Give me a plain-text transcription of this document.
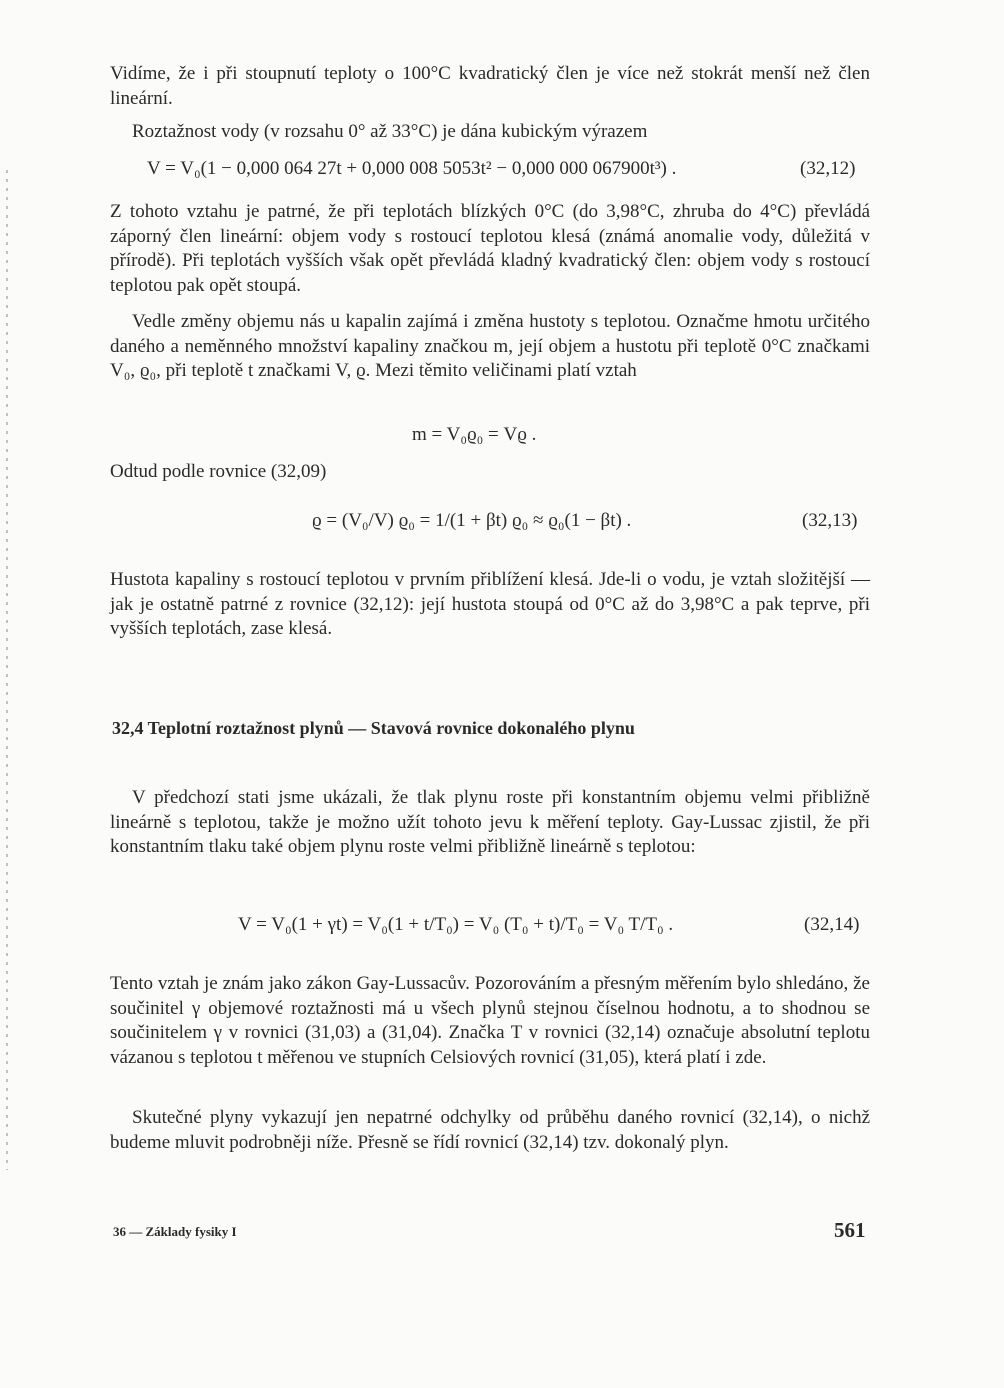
Vidíme, že i při stoupnutí teploty o 100°C kvadratický člen je více než stokrát menší než člen lineární.

Roztažnost vody (v rozsahu 0° až 33°C) je dána kubickým výrazem

V = V₀(1 − 0,000 064 27t + 0,000 008 5053t² − 0,000 000 067900t³) .	(32,12)

Z tohoto vztahu je patrné, že při teplotách blízkých 0°C (do 3,98°C, zhruba do 4°C) převládá záporný člen lineární: objem vody s rostoucí teplotou klesá (známá anomalie vody, důležitá v přírodě). Při teplotách vyšších však opět převládá kladný kvadratický člen: objem vody s rostoucí teplotou pak opět stoupá.

Vedle změny objemu nás u kapalin zajímá i změna hustoty s teplotou. Označme hmotu určitého daného a neměnného množství kapaliny značkou m, její objem a hustotu při teplotě 0°C značkami V₀, ϱ₀, při teplotě t značkami V, ϱ. Mezi těmito veličinami platí vztah

m = V₀ϱ₀ = Vϱ .

Odtud podle rovnice (32,09)

ϱ = (V₀/V) ϱ₀ = 1/(1 + βt) ϱ₀ ≈ ϱ₀(1 − βt) .	(32,13)

Hustota kapaliny s rostoucí teplotou v prvním přiblížení klesá. Jde-li o vodu, je vztah složitější — jak je ostatně patrné z rovnice (32,12): její hustota stoupá od 0°C až do 3,98°C a pak teprve, při vyšších teplotách, zase klesá.

32,4 Teplotní roztažnost plynů — Stavová rovnice dokonalého plynu

V předchozí stati jsme ukázali, že tlak plynu roste při konstantním objemu velmi přibližně lineárně s teplotou, takže je možno užít tohoto jevu k měření teploty. Gay-Lussac zjistil, že při konstantním tlaku také objem plynu roste velmi přibližně lineárně s teplotou:

V = V₀(1 + γt) = V₀(1 + t/T₀) = V₀ (T₀ + t)/T₀ = V₀ T/T₀ .	(32,14)

Tento vztah je znám jako zákon Gay-Lussacův. Pozorováním a přesným měřením bylo shledáno, že součinitel γ objemové roztažnosti má u všech plynů stejnou číselnou hodnotu, a to shodnou se součinitelem γ v rovnici (31,03) a (31,04). Značka T v rovnici (32,14) označuje absolutní teplotu vázanou s teplotou t měřenou ve stupních Celsiových rovnicí (31,05), která platí i zde.

Skutečné plyny vykazují jen nepatrné odchylky od průběhu daného rovnicí (32,14), o nichž budeme mluvit podrobněji níže. Přesně se řídí rovnicí (32,14) tzv. dokonalý plyn.

36 — Základy fysiky I	561
